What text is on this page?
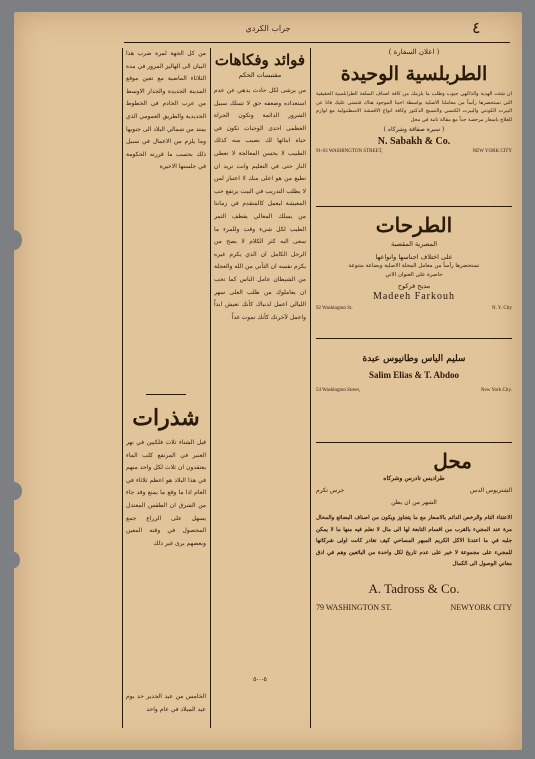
جراب الكردي	٤
( اعلان السفارة )
الطربلسية الوحيدة
ان شئت الهدية والذاكهي جيوب وطلب ما يلزمك من كافة اصناف السلعة الطرابلسية الحقيقية التي نستحضرها رأساً من معاملنا الاصلية بواسطة اخينا الموجود هناك فنتمنى عليك فانا عن البيرت الكونتي والبيرت الكنسي والنسيج الدكتور وكافة انواع الاقمشة الاسطنبولية مع لوازم للعلاج باسعار مرخصة جداً مع مقالة تامة في محل
( سيرة صفاقة وشركاه )
N. Sabakh & Co.
91-93 WASHINGTON STREET,	NEW YORK CITY
الطرحات
المصرية المقصبة
على اختلاف اجناسها وانواعها
نستحضرها رأساً من معامل المحلة الاصلية وبضاعة متنوعة
حاضرة على العنوان الاتي
مديح فركوح
Madeeh Farkouh
92 Washington St.	N. Y. City
سليم الياس وطانيوس عبدة
Salim Elias & T. Abdoo
54 Washington Street,	New York City.
محل
طراديس تادرس وشركاه
الشتريوس الدس
جرس تكرم
الشهر من ان يطن
الاعتناء التام والرخص الدائم بالاسعار مع ما يتجاوز ويكون من اصناف البضائع والمحال مرة عند المجيء بالقرب من اقسام التابعة لها الى مال لا نعلم فيه منها ما لا يمكن جلبه في ما اعتدنا الاكل الكريم المبهر المساحي كيف تغادر كانت اولى شركاتها للمجيء على مجموعة لا خير على عدم تاريخ لكل واحدة من البائعين وهم في ادق معاني الوصول الى الكمال
A. Tadross & Co.
79 WASHINGTON ST.	NEWYORK CITY
فوائد وفكاهات
مقتبسات الحكم
من يرشى لكل حادث يدهي عن عدم استعداده وضعفه حق لا تسلك سبيل الشرور الدائمة وتكون الجراة العظمى احدى الوجبات تكون في حياة ابنائها لك نصيب منه كذلك الطبيب لا يحسن المعالجة لا تعطي النار حتى في التعليم وانت تريد ان تطيع من هو اعلى منك لا اعتبار لمن لا يطلب التدريب في البيت يرتفع حب المعيشة ليعمل كالمتقدم في زماننا من يسلك المعالي يقطف الثمر الطيب لكل شيء وقت وللمرء ما سعى اليه كثر الكلام لا يصح من الرجل الكامل ان الذي يكرم غيره يكرم نفسه ان التأني من الله والعجلة من الشيطان عامل الناس كما تحب ان يعاملوك من طلب العلى سهر الليالي اعمل لدنياك كأنك تعيش ابداً واعمل لآخرتك كأنك تموت غداً
٥-٠-٥
من كل الجهة لمرة ضرب هذا البيان الى الهاليز المرور في مدة الثلاثاء الماضية مع تعين موقع المدينة الجديدة والجدار الاوسط من عرب الخادم في الخطوط الحديدية والطريق العمومي الذي يمتد من شمالي البلاد الى جنوبها وما يلزم من الاعمال في سبيل ذلك بحسب ما قررته الحكومة في جلستها الاخيرة
شذرات
قيل الشتاء ثلاث فلكيين في نهر العنبر في المرتفع كلب الماء يعتقدون ان ثلاث لكل واحد منهم في هذا البلاد هو اعظم ثلاثاء في العام اذا ما وقع ما يمنع وقد جاء من الشرق ان الطقس المعتدل يسهل على الزراع جمع المحصول في وقته المعين وبعضهم يرى غير ذلك
الخامس من عيد الجدير حد يوم عيد الميلاد في عام واحد
